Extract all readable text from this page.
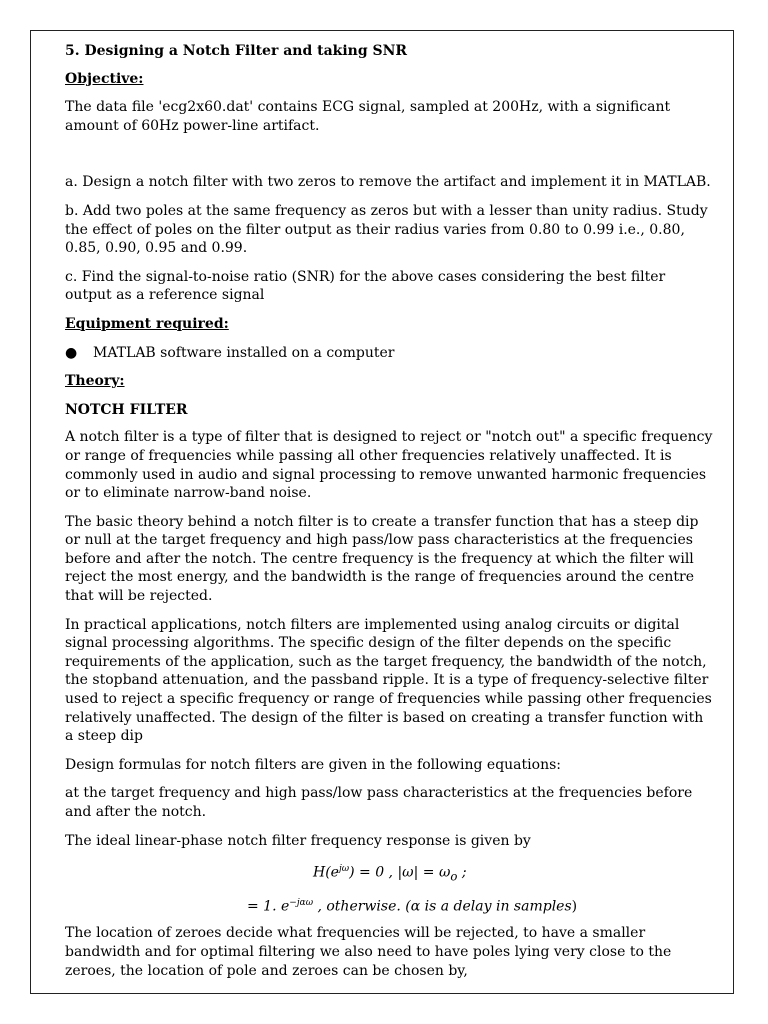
5. Designing a Notch Filter and taking SNR

Objective:

The data file 'ecg2x60.dat' contains ECG signal, sampled at 200Hz, with a significant amount of 60Hz power-line artifact.

a. Design a notch filter with two zeros to remove the artifact and implement it in MATLAB.

b. Add two poles at the same frequency as zeros but with a lesser than unity radius. Study the effect of poles on the filter output as their radius varies from 0.80 to 0.99 i.e., 0.80, 0.85, 0.90, 0.95 and 0.99.

c. Find the signal-to-noise ratio (SNR) for the above cases considering the best filter output as a reference signal

Equipment required:

●	MATLAB software installed on a computer

Theory:

NOTCH FILTER

A notch filter is a type of filter that is designed to reject or "notch out" a specific frequency or range of frequencies while passing all other frequencies relatively unaffected. It is commonly used in audio and signal processing to remove unwanted harmonic frequencies or to eliminate narrow-band noise.

The basic theory behind a notch filter is to create a transfer function that has a steep dip or null at the target frequency and high pass/low pass characteristics at the frequencies before and after the notch. The centre frequency is the frequency at which the filter will reject the most energy, and the bandwidth is the range of frequencies around the centre that will be rejected.

In practical applications, notch filters are implemented using analog circuits or digital signal processing algorithms. The specific design of the filter depends on the specific requirements of the application, such as the target frequency, the bandwidth of the notch, the stopband attenuation, and the passband ripple. It is a type of frequency-selective filter used to reject a specific frequency or range of frequencies while passing other frequencies relatively unaffected. The design of the filter is based on creating a transfer function with a steep dip

Design formulas for notch filters are given in the following equations:

at the target frequency and high pass/low pass characteristics at the frequencies before and after the notch.

The ideal linear-phase notch filter frequency response is given by

$H(e^{j\omega}) = 0$ , $|\omega| = \omega_o$ ;
= 1. $e^{-j\alpha\omega}$ , otherwise. (α is a delay in samples)

The location of zeroes decide what frequencies will be rejected, to have a smaller bandwidth and for optimal filtering we also need to have poles lying very close to the zeroes, the location of pole and zeroes can be chosen by,
